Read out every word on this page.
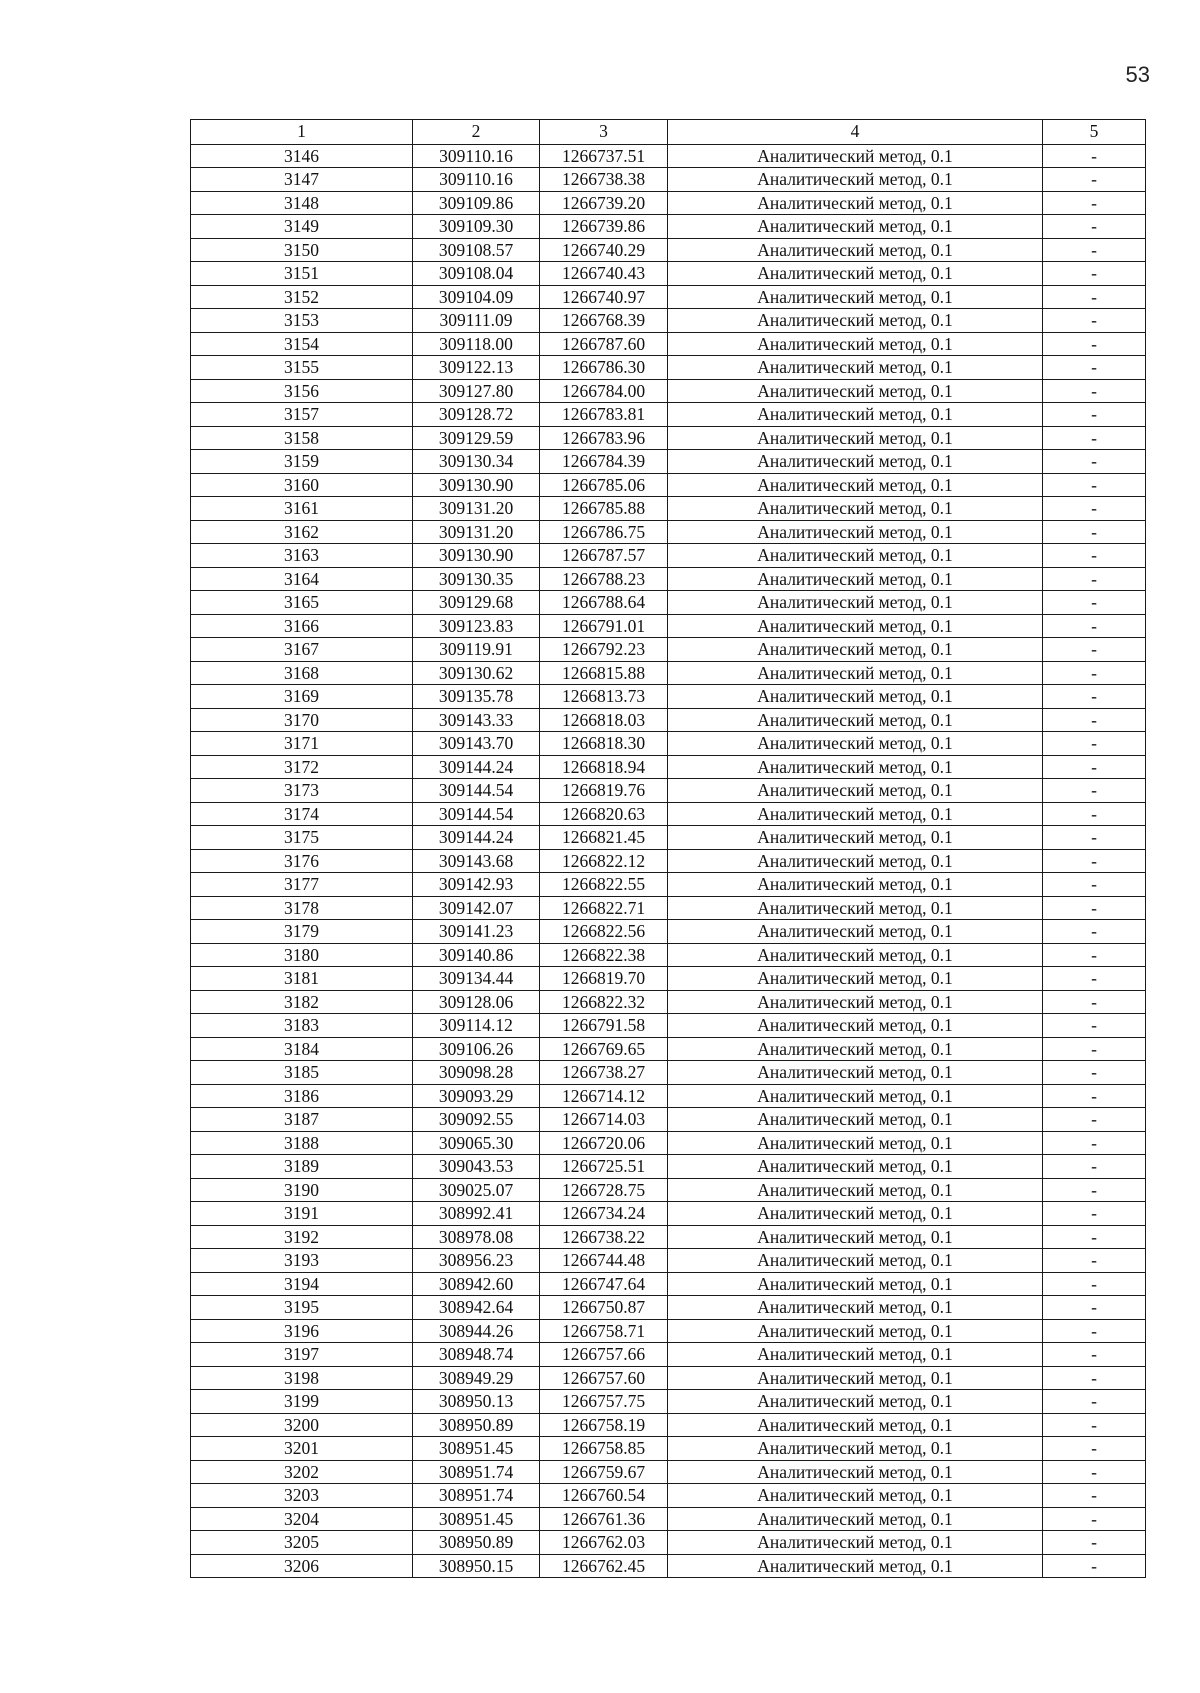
53
1	2	3	4	5
3146	309110.16	1266737.51	Аналитический метод, 0.1	-
3147	309110.16	1266738.38	Аналитический метод, 0.1	-
3148	309109.86	1266739.20	Аналитический метод, 0.1	-
3149	309109.30	1266739.86	Аналитический метод, 0.1	-
3150	309108.57	1266740.29	Аналитический метод, 0.1	-
3151	309108.04	1266740.43	Аналитический метод, 0.1	-
3152	309104.09	1266740.97	Аналитический метод, 0.1	-
3153	309111.09	1266768.39	Аналитический метод, 0.1	-
3154	309118.00	1266787.60	Аналитический метод, 0.1	-
3155	309122.13	1266786.30	Аналитический метод, 0.1	-
3156	309127.80	1266784.00	Аналитический метод, 0.1	-
3157	309128.72	1266783.81	Аналитический метод, 0.1	-
3158	309129.59	1266783.96	Аналитический метод, 0.1	-
3159	309130.34	1266784.39	Аналитический метод, 0.1	-
3160	309130.90	1266785.06	Аналитический метод, 0.1	-
3161	309131.20	1266785.88	Аналитический метод, 0.1	-
3162	309131.20	1266786.75	Аналитический метод, 0.1	-
3163	309130.90	1266787.57	Аналитический метод, 0.1	-
3164	309130.35	1266788.23	Аналитический метод, 0.1	-
3165	309129.68	1266788.64	Аналитический метод, 0.1	-
3166	309123.83	1266791.01	Аналитический метод, 0.1	-
3167	309119.91	1266792.23	Аналитический метод, 0.1	-
3168	309130.62	1266815.88	Аналитический метод, 0.1	-
3169	309135.78	1266813.73	Аналитический метод, 0.1	-
3170	309143.33	1266818.03	Аналитический метод, 0.1	-
3171	309143.70	1266818.30	Аналитический метод, 0.1	-
3172	309144.24	1266818.94	Аналитический метод, 0.1	-
3173	309144.54	1266819.76	Аналитический метод, 0.1	-
3174	309144.54	1266820.63	Аналитический метод, 0.1	-
3175	309144.24	1266821.45	Аналитический метод, 0.1	-
3176	309143.68	1266822.12	Аналитический метод, 0.1	-
3177	309142.93	1266822.55	Аналитический метод, 0.1	-
3178	309142.07	1266822.71	Аналитический метод, 0.1	-
3179	309141.23	1266822.56	Аналитический метод, 0.1	-
3180	309140.86	1266822.38	Аналитический метод, 0.1	-
3181	309134.44	1266819.70	Аналитический метод, 0.1	-
3182	309128.06	1266822.32	Аналитический метод, 0.1	-
3183	309114.12	1266791.58	Аналитический метод, 0.1	-
3184	309106.26	1266769.65	Аналитический метод, 0.1	-
3185	309098.28	1266738.27	Аналитический метод, 0.1	-
3186	309093.29	1266714.12	Аналитический метод, 0.1	-
3187	309092.55	1266714.03	Аналитический метод, 0.1	-
3188	309065.30	1266720.06	Аналитический метод, 0.1	-
3189	309043.53	1266725.51	Аналитический метод, 0.1	-
3190	309025.07	1266728.75	Аналитический метод, 0.1	-
3191	308992.41	1266734.24	Аналитический метод, 0.1	-
3192	308978.08	1266738.22	Аналитический метод, 0.1	-
3193	308956.23	1266744.48	Аналитический метод, 0.1	-
3194	308942.60	1266747.64	Аналитический метод, 0.1	-
3195	308942.64	1266750.87	Аналитический метод, 0.1	-
3196	308944.26	1266758.71	Аналитический метод, 0.1	-
3197	308948.74	1266757.66	Аналитический метод, 0.1	-
3198	308949.29	1266757.60	Аналитический метод, 0.1	-
3199	308950.13	1266757.75	Аналитический метод, 0.1	-
3200	308950.89	1266758.19	Аналитический метод, 0.1	-
3201	308951.45	1266758.85	Аналитический метод, 0.1	-
3202	308951.74	1266759.67	Аналитический метод, 0.1	-
3203	308951.74	1266760.54	Аналитический метод, 0.1	-
3204	308951.45	1266761.36	Аналитический метод, 0.1	-
3205	308950.89	1266762.03	Аналитический метод, 0.1	-
3206	308950.15	1266762.45	Аналитический метод, 0.1	-
